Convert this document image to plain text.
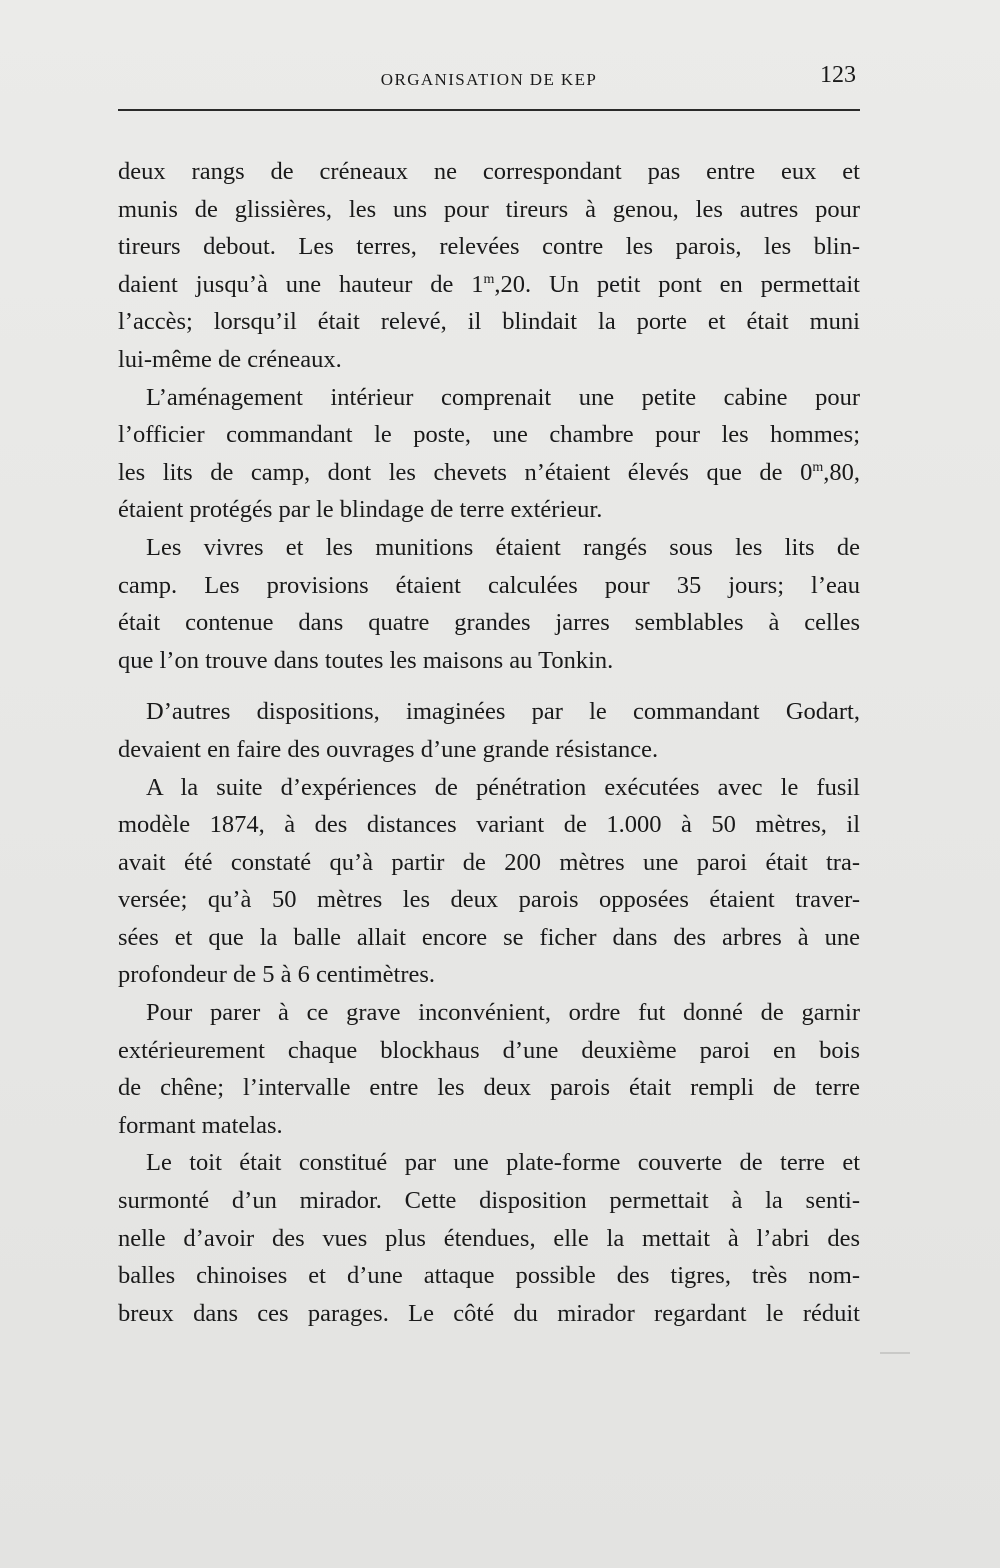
ORGANISATION DE KEP	123
deux rangs de créneaux ne correspondant pas entre eux et
munis de glissières, les uns pour tireurs à genou, les autres pour
tireurs debout. Les terres, relevées contre les parois, les blin-
daient jusqu’à une hauteur de 1$^m$,20. Un petit pont en permettait
l’accès; lorsqu’il était relevé, il blindait la porte et était muni
lui-même de créneaux.
L’aménagement intérieur comprenait une petite cabine pour
l’officier commandant le poste, une chambre pour les hommes;
les lits de camp, dont les chevets n’étaient élevés que de 0$^m$,80,
étaient protégés par le blindage de terre extérieur.
Les vivres et les munitions étaient rangés sous les lits de
camp. Les provisions étaient calculées pour 35 jours; l’eau
était contenue dans quatre grandes jarres semblables à celles
que l’on trouve dans toutes les maisons au Tonkin.
D’autres dispositions, imaginées par le commandant Godart,
devaient en faire des ouvrages d’une grande résistance.
A la suite d’expériences de pénétration exécutées avec le fusil
modèle 1874, à des distances variant de 1.000 à 50 mètres, il
avait été constaté qu’à partir de 200 mètres une paroi était tra-
versée; qu’à 50 mètres les deux parois opposées étaient traver-
sées et que la balle allait encore se ficher dans des arbres à une
profondeur de 5 à 6 centimètres.
Pour parer à ce grave inconvénient, ordre fut donné de garnir
extérieurement chaque blockhaus d’une deuxième paroi en bois
de chêne; l’intervalle entre les deux parois était rempli de terre
formant matelas.
Le toit était constitué par une plate-forme couverte de terre et
surmonté d’un mirador. Cette disposition permettait à la senti-
nelle d’avoir des vues plus étendues, elle la mettait à l’abri des
balles chinoises et d’une attaque possible des tigres, très nom-
breux dans ces parages. Le côté du mirador regardant le réduit
